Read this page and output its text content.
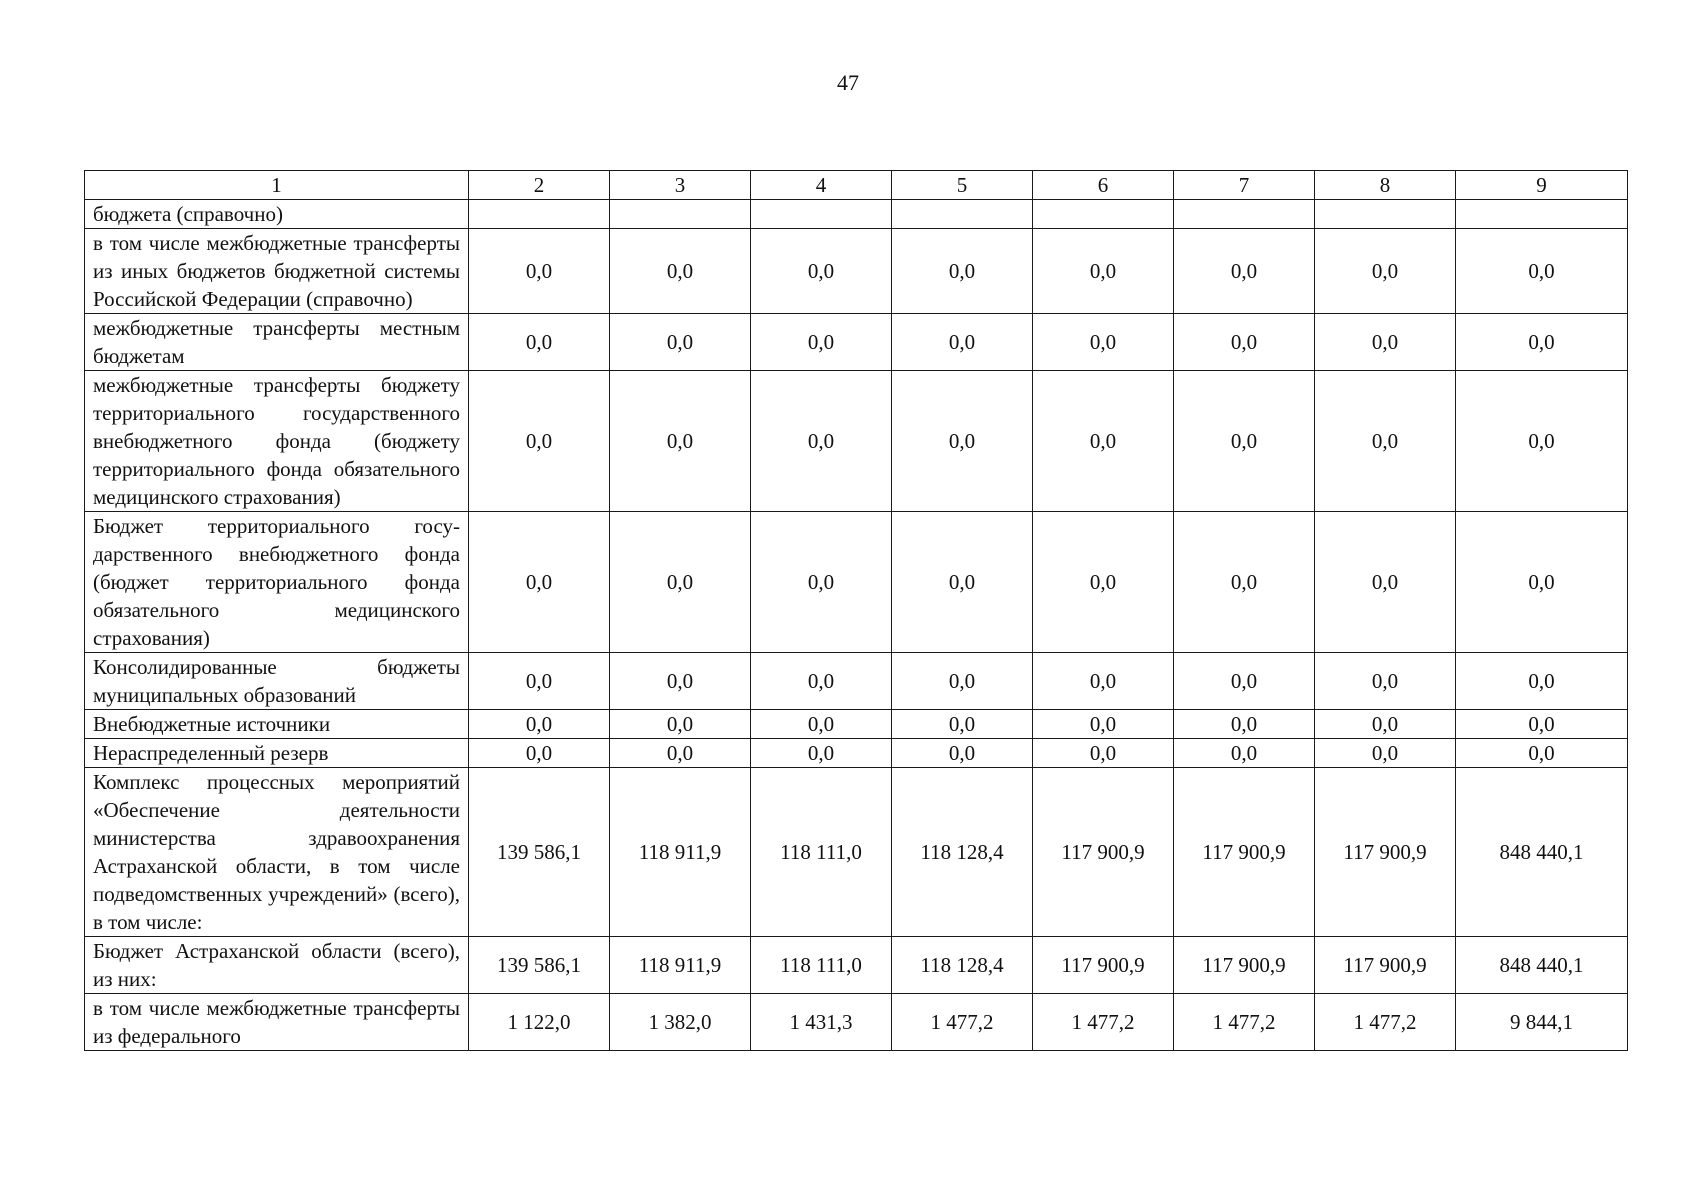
47
1	2	3	4	5	6	7	8	9
бюджета (справочно)								
в том числе межбюджетные трансферты из иных бюджетов бюджетной системы Российской Федерации (справочно)	0,0	0,0	0,0	0,0	0,0	0,0	0,0	0,0
межбюджетные трансферты местным бюджетам	0,0	0,0	0,0	0,0	0,0	0,0	0,0	0,0
межбюджетные трансферты бюджету территориального государственного внебюджетного фонда (бюджету территориального фонда обязательного медицинского страхования)	0,0	0,0	0,0	0,0	0,0	0,0	0,0	0,0
Бюджет территориального государственного внебюджетного фонда (бюджет территориального фонда обязательного медицинского страхования)	0,0	0,0	0,0	0,0	0,0	0,0	0,0	0,0
Консолидированные бюджеты муниципальных образований	0,0	0,0	0,0	0,0	0,0	0,0	0,0	0,0
Внебюджетные источники	0,0	0,0	0,0	0,0	0,0	0,0	0,0	0,0
Нераспределенный резерв	0,0	0,0	0,0	0,0	0,0	0,0	0,0	0,0
Комплекс процессных мероприятий «Обеспечение деятельности министерства здравоохранения Астраханской области, в том числе подведомственных учреждений» (всего), в том числе:	139 586,1	118 911,9	118 111,0	118 128,4	117 900,9	117 900,9	117 900,9	848 440,1
Бюджет Астраханской области (всего), из них:	139 586,1	118 911,9	118 111,0	118 128,4	117 900,9	117 900,9	117 900,9	848 440,1
в том числе межбюджетные трансферты из федерального	1 122,0	1 382,0	1 431,3	1 477,2	1 477,2	1 477,2	1 477,2	9 844,1
